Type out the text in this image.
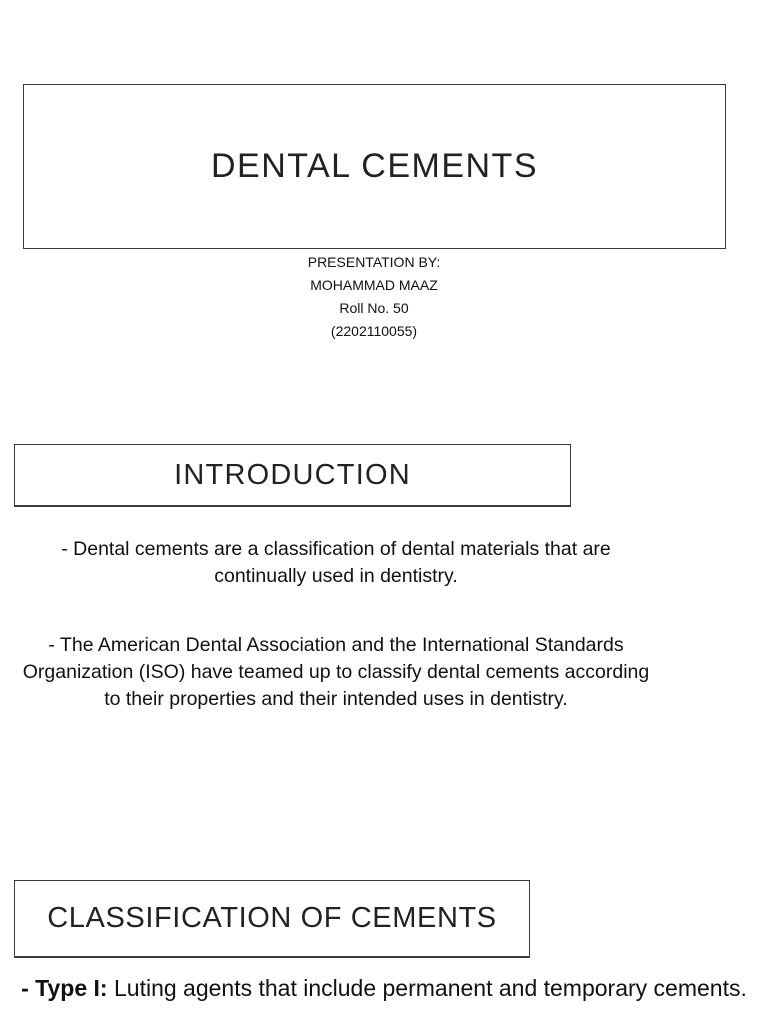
DENTAL CEMENTS
PRESENTATION BY:
MOHAMMAD MAAZ
Roll No. 50
(2202110055)
INTRODUCTION
- Dental cements are a classification of dental materials that are continually used in dentistry.
- The American Dental Association and the International Standards Organization (ISO) have teamed up to classify dental cements according to their properties and their intended uses in dentistry.
CLASSIFICATION OF CEMENTS
- Type I: Luting agents that include permanent and temporary cements.
